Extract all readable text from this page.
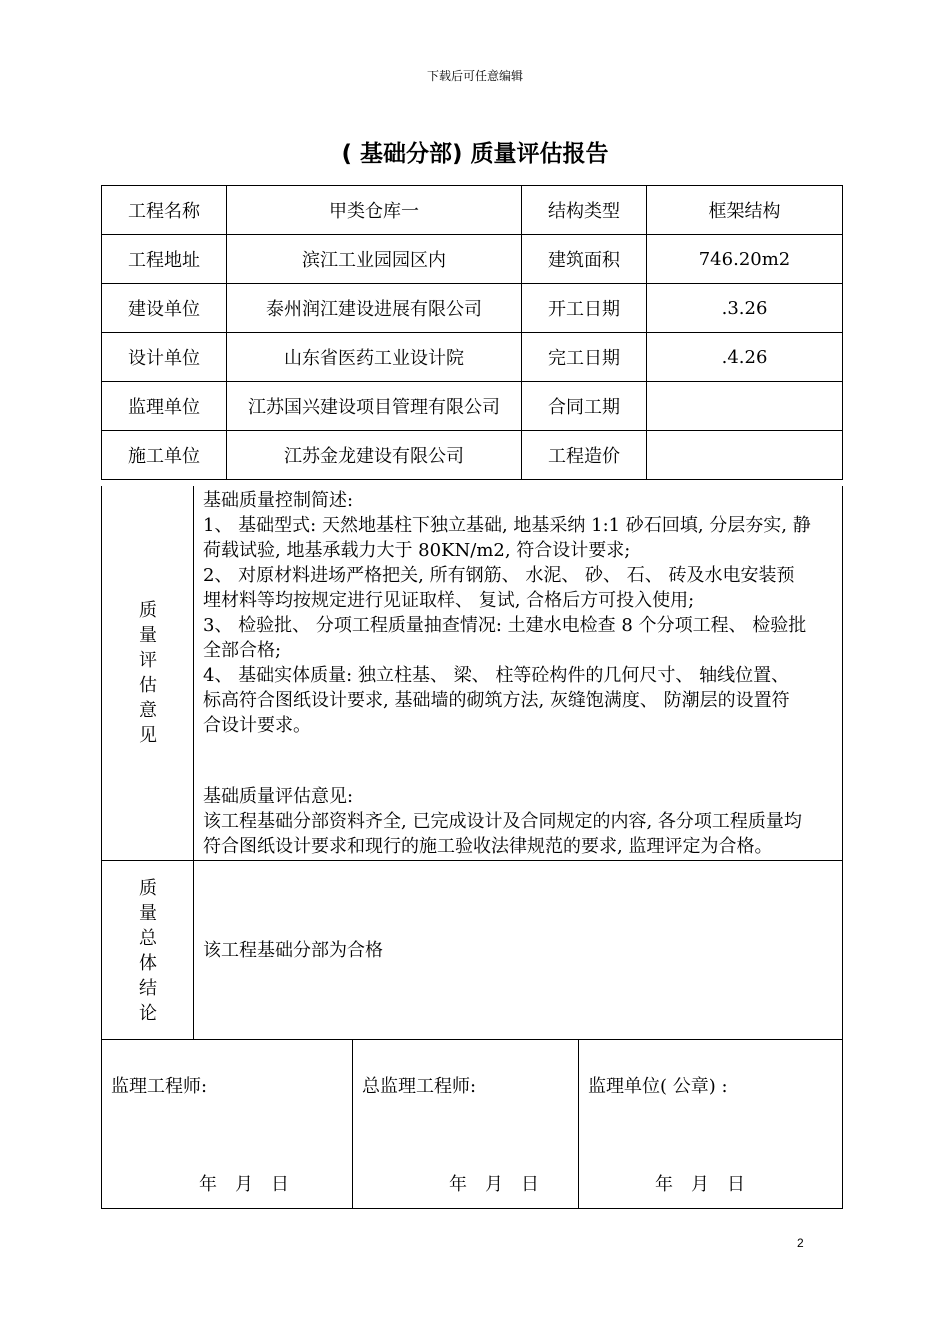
下载后可任意编辑
( 基础分部) 质量评估报告
工程名称	甲类仓库一	结构类型	框架结构
工程地址	滨江工业园园区内	建筑面积	746.20m2
建设单位	泰州润江建设进展有限公司	开工日期	.3.26
设计单位	山东省医药工业设计院	完工日期	.4.26
监理单位	江苏国兴建设项目管理有限公司	合同工期	
施工单位	江苏金龙建设有限公司	工程造价	
质
量
评
估
意
见
基础质量控制简述:
1、 基础型式: 天然地基柱下独立基础, 地基采纳 1:1 砂石回填, 分层夯实, 静
荷载试验, 地基承载力大于 80KN/m2, 符合设计要求;
2、 对原材料进场严格把关, 所有钢筋、 水泥、 砂、 石、 砖及水电安装预
埋材料等均按规定进行见证取样、 复试, 合格后方可投入使用;
3、 检验批、 分项工程质量抽查情况: 土建水电检查 8 个分项工程、 检验批
全部合格;
4、 基础实体质量: 独立柱基、 梁、 柱等砼构件的几何尺寸、 轴线位置、
标高符合图纸设计要求, 基础墙的砌筑方法, 灰缝饱满度、 防潮层的设置符
合设计要求。
基础质量评估意见:
该工程基础分部资料齐全, 已完成设计及合同规定的内容, 各分项工程质量均
符合图纸设计要求和现行的施工验收法律规范的要求, 监理评定为合格。
质
量
总
体
结
论
该工程基础分部为合格
监理工程师:
年　月　日
总监理工程师:
年　月　日
监理单位( 公章) :
年　月　日
2
